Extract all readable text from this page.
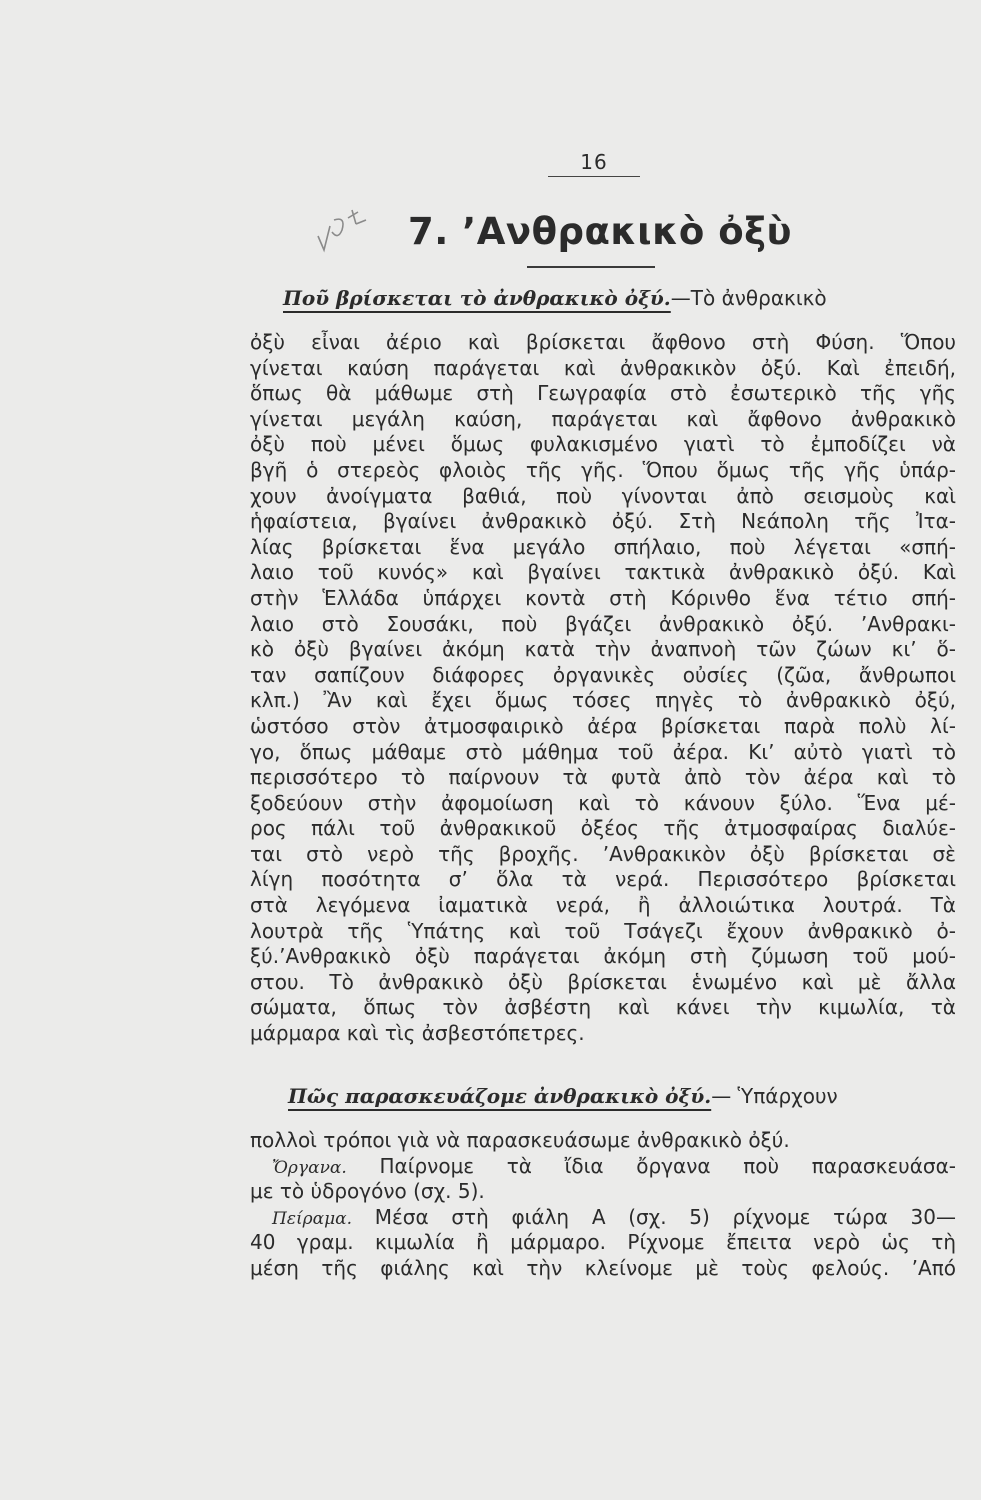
16
7. ’Ανθρακικὸ ὀξὺ
Ποῦ βρίσκεται τὸ ἀνθρακικὸ ὀξύ.—Τὸ ἀνθρακικὸ
ὀξὺ εἶναι ἀέριο καὶ βρίσκεται ἄφθονο στὴ Φύση. Ὅπου
γίνεται καύση παράγεται καὶ ἀνθρακικὸν ὀξύ. Καὶ ἐπειδή,
ὅπως θὰ μάθωμε στὴ Γεωγραφία στὸ ἐσωτερικὸ τῆς γῆς
γίνεται μεγάλη καύση, παράγεται καὶ ἄφθονο ἀνθρακικὸ
ὀξὺ ποὺ μένει ὅμως φυλακισμένο γιατὶ τὸ ἐμποδίζει νὰ
βγῆ ὁ στερεὸς φλοιὸς τῆς γῆς. Ὅπου ὅμως τῆς γῆς ὑπάρ-
χουν ἀνοίγματα βαθιά, ποὺ γίνονται ἀπὸ σεισμοὺς καὶ
ἡφαίστεια, βγαίνει ἀνθρακικὸ ὀξύ. Στὴ Νεάπολη τῆς Ἰτα-
λίας βρίσκεται ἕνα μεγάλο σπήλαιο, ποὺ λέγεται «σπή-
λαιο τοῦ κυνός» καὶ βγαίνει τακτικὰ ἀνθρακικὸ ὀξύ. Καὶ
στὴν Ἑλλάδα ὑπάρχει κοντὰ στὴ Κόρινθο ἕνα τέτιο σπή-
λαιο στὸ Σουσάκι, ποὺ βγάζει ἀνθρακικὸ ὀξύ. ’Ανθρακι-
κὸ ὀξὺ βγαίνει ἀκόμη κατὰ τὴν ἀναπνοὴ τῶν ζώων κι’ ὅ-
ταν σαπίζουν διάφορες ὀργανικὲς οὐσίες (ζῶα, ἄνθρωποι
κλπ.) Ἂν καὶ ἔχει ὅμως τόσες πηγὲς τὸ ἀνθρακικὸ ὀξύ,
ὡστόσο στὸν ἀτμοσφαιρικὸ ἀέρα βρίσκεται παρὰ πολὺ λί-
γο, ὅπως μάθαμε στὸ μάθημα τοῦ ἀέρα. Κι’ αὐτὸ γιατὶ τὸ
περισσότερο τὸ παίρνουν τὰ φυτὰ ἀπὸ τὸν ἀέρα καὶ τὸ
ξοδεύουν στὴν ἀφομοίωση καὶ τὸ κάνουν ξύλο. Ἕνα μέ-
ρος πάλι τοῦ ἀνθρακικοῦ ὀξέος τῆς ἀτμοσφαίρας διαλύε-
ται στὸ νερὸ τῆς βροχῆς. ’Ανθρακικὸν ὀξὺ βρίσκεται σὲ
λίγη ποσότητα σ’ ὅλα τὰ νερά. Περισσότερο βρίσκεται
στὰ λεγόμενα ἰαματικὰ νερά, ἢ ἀλλοιώτικα λουτρά. Τὰ
λουτρὰ τῆς Ὑπάτης καὶ τοῦ Τσάγεζι ἔχουν ἀνθρακικὸ ὀ-
ξύ.’Ανθρακικὸ ὀξὺ παράγεται ἀκόμη στὴ ζύμωση τοῦ μού-
στου. Τὸ ἀνθρακικὸ ὀξὺ βρίσκεται ἑνωμένο καὶ μὲ ἄλλα
σώματα, ὅπως τὸν ἀσβέστη καὶ κάνει τὴν κιμωλία, τὰ
μάρμαρα καὶ τὶς ἀσβεστόπετρες.
Πῶς παρασκευάζομε ἀνθρακικὸ ὀξύ.— Ὑπάρχουν
πολλοὶ τρόποι γιὰ νὰ παρασκευάσωμε ἀνθρακικὸ ὀξύ.
Ὄργανα. Παίρνομε τὰ ἴδια ὄργανα ποὺ παρασκευάσα-
με τὸ ὑδρογόνο (σχ. 5).
Πείραμα. Μέσα στὴ φιάλη Α (σχ. 5) ρίχνομε τώρα 30—
40 γραμ. κιμωλία ἢ μάρμαρο. Ρίχνομε ἔπειτα νερὸ ὡς τὴ
μέση τῆς φιάλης καὶ τὴν κλείνομε μὲ τοὺς φελούς. ’Από
